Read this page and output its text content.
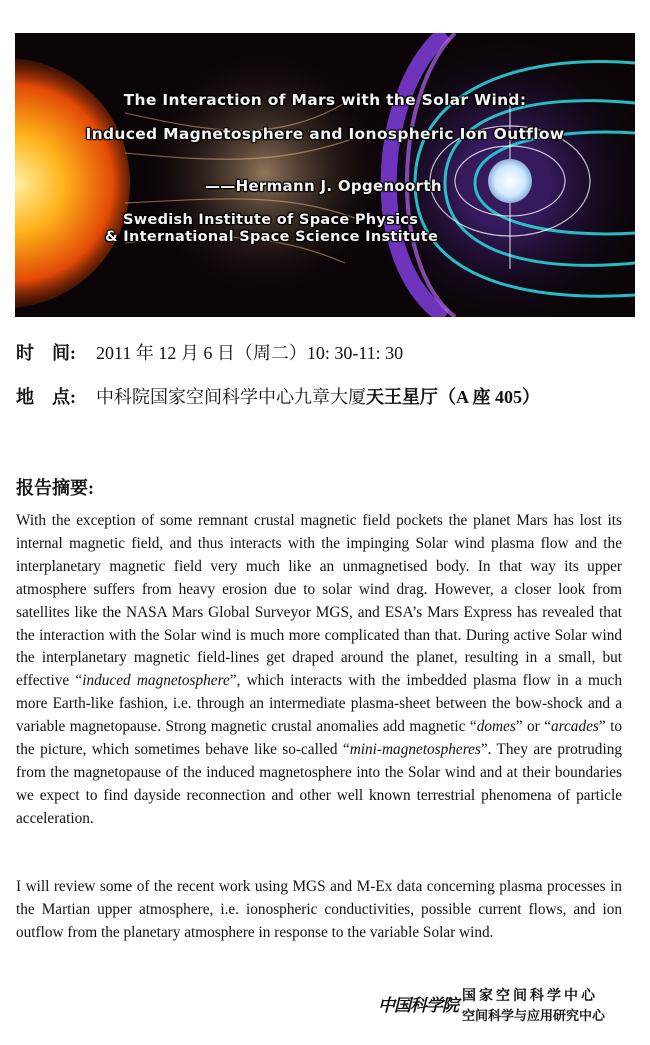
The Interaction of Mars with the Solar Wind:
Induced Magnetosphere and Ionospheric Ion Outflow
——Hermann J. Opgenoorth
Swedish Institute of Space Physics
& International Space Science Institute
时　间: 2011 年 12 月 6 日（周二）10: 30-11: 30
地　点: 中科院国家空间科学中心九章大厦天王星厅（A 座 405）
报告摘要:
With the exception of some remnant crustal magnetic field pockets the planet Mars has lost its internal magnetic field, and thus interacts with the impinging Solar wind plasma flow and the interplanetary magnetic field very much like an unmagnetised body. In that way its upper atmosphere suffers from heavy erosion due to solar wind drag. However, a closer look from satellites like the NASA Mars Global Surveyor MGS, and ESA’s Mars Express has revealed that the interaction with the Solar wind is much more complicated than that. During active Solar wind the interplanetary magnetic field-lines get draped around the planet, resulting in a small, but effective “induced magnetosphere”, which interacts with the imbedded plasma flow in a much more Earth-like fashion, i.e. through an intermediate plasma-sheet between the bow-shock and a variable magnetopause. Strong magnetic crustal anomalies add magnetic “domes” or “arcades” to the picture, which sometimes behave like so-called “mini-magnetospheres”. They are protruding from the magnetopause of the induced magnetosphere into the Solar wind and at their boundaries we expect to find dayside reconnection and other well known terrestrial phenomena of particle acceleration.
I will review some of the recent work using MGS and M-Ex data concerning plasma processes in the Martian upper atmosphere, i.e. ionospheric conductivities, possible current flows, and ion outflow from the planetary atmosphere in response to the variable Solar wind.
中国科学院 国家空间科学中心
空间科学与应用研究中心
